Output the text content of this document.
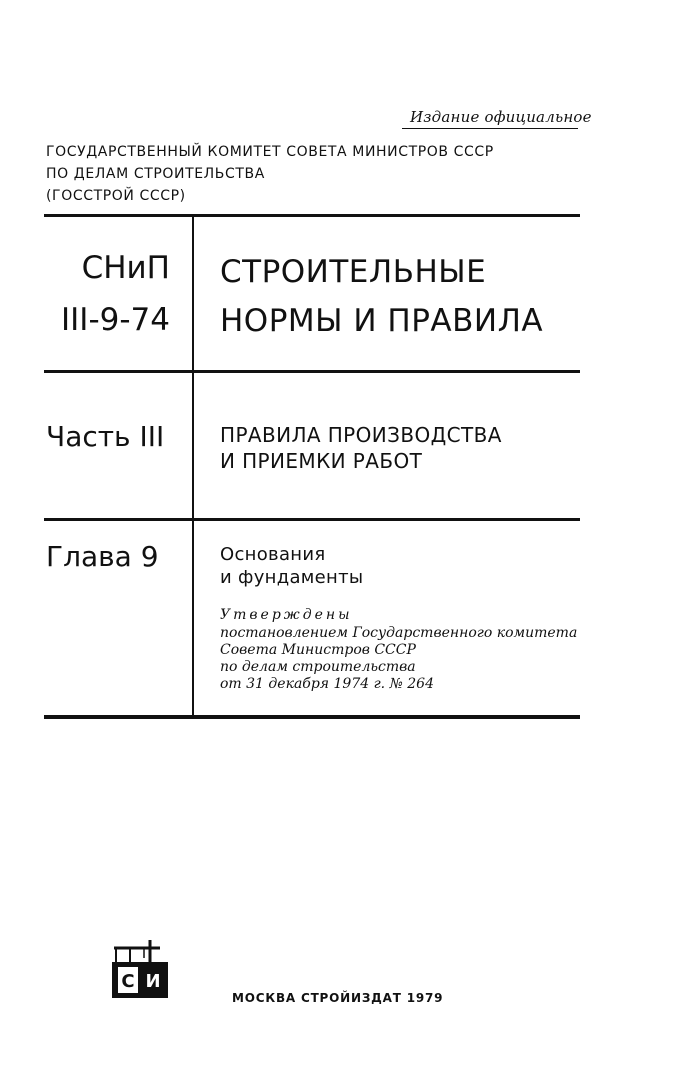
Издание официальное
ГОСУДАРСТВЕННЫЙ КОМИТЕТ СОВЕТА МИНИСТРОВ СССР
ПО ДЕЛАМ СТРОИТЕЛЬСТВА
(ГОССТРОЙ СССР)
СНиП
III-9-74
СТРОИТЕЛЬНЫЕ
НОРМЫ И ПРАВИЛА
Часть III	ПРАВИЛА ПРОИЗВОДСТВА
И ПРИЕМКИ РАБОТ
Глава 9	Основания
и фундаменты
Утверждены
постановлением Государственного комитета
Совета Министров СССР
по делам строительства
от 31 декабря 1974 г. № 264
С И
МОСКВА СТРОЙИЗДАТ 1979
